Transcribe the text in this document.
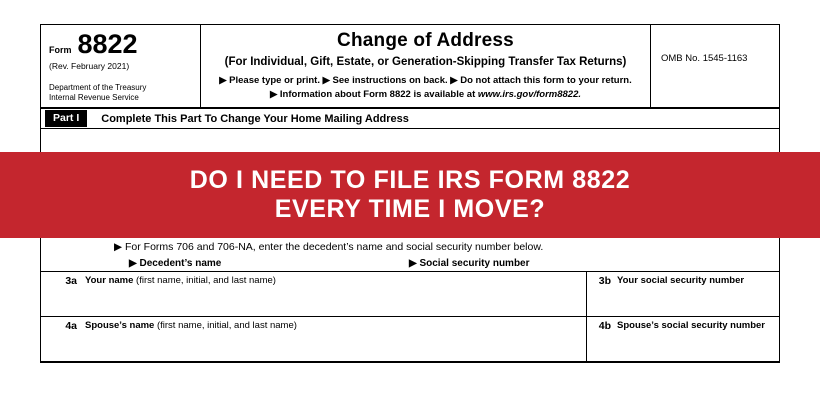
Form 8822
(Rev. February 2021)
Department of the Treasury
Internal Revenue Service
Change of Address
(For Individual, Gift, Estate, or Generation-Skipping Transfer Tax Returns)
▶ Please type or print. ▶ See instructions on back. ▶ Do not attach this form to your return.
▶ Information about Form 8822 is available at www.irs.gov/form8822.
OMB No. 1545-1163
Part I	Complete This Part To Change Your Home Mailing Address
▶ For Forms 706 and 706-NA, enter the decedent’s name and social security number below.
▶ Decedent’s name	▶ Social security number
3a Your name (first name, initial, and last name)	3b Your social security number
4a Spouse’s name (first name, initial, and last name)	4b Spouse’s social security number
DO I NEED TO FILE IRS FORM 8822
EVERY TIME I MOVE?
